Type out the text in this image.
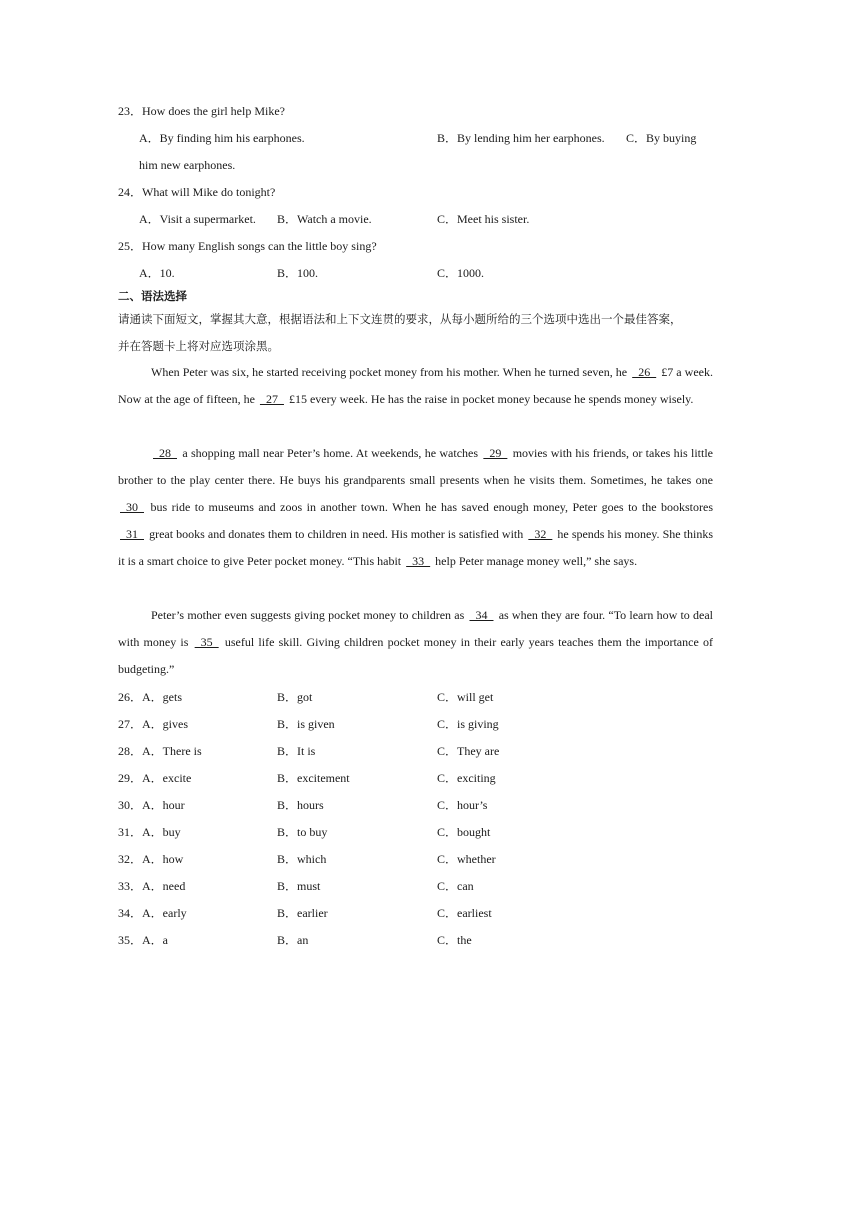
23．How does the girl help Mike?
A．By finding him his earphones.	B．By lending him her earphones. C．By buying
him new earphones.
24．What will Mike do tonight?
A．Visit a supermarket. B．Watch a movie.	C．Meet his sister.
25．How many English songs can the little boy sing?
A．10.	B．100.	C．1000.
二、语法选择
请通读下面短文，掌握其大意，根据语法和上下文连贯的要求，从每小题所给的三个选项中选出一个最佳答案，
并在答题卡上将对应选项涂黑。
When Peter was six, he started receiving pocket money from his mother. When he turned seven, he   26   £7 a week. Now at the age of fifteen, he   27   £15 every week. He has the raise in pocket money because he spends money wisely.
28   a shopping mall near Peter’s home. At weekends, he watches   29   movies with his friends, or takes his little brother to the play center there. He buys his grandparents small presents when he visits them. Sometimes, he takes one   30   bus ride to museums and zoos in another town. When he has saved enough money, Peter goes to the bookstores   31   great books and donates them to children in need. His mother is satisfied with   32   he spends his money. She thinks it is a smart choice to give Peter pocket money. “This habit   33   help Peter manage money well,” she says.
Peter’s mother even suggests giving pocket money to children as   34   as when they are four. “To learn how to deal with money is   35   useful life skill. Giving children pocket money in their early years teaches them the importance of budgeting.”
26．A．gets	B．got	C．will get
27．A．gives	B．is given	C．is giving
28．A．There is	B．It is	C．They are
29．A．excite	B．excitement	C．exciting
30．A．hour	B．hours	C．hour’s
31．A．buy	B．to buy	C．bought
32．A．how	B．which	C．whether
33．A．need	B．must	C．can
34．A．early	B．earlier	C．earliest
35．A．a	B．an	C．the
